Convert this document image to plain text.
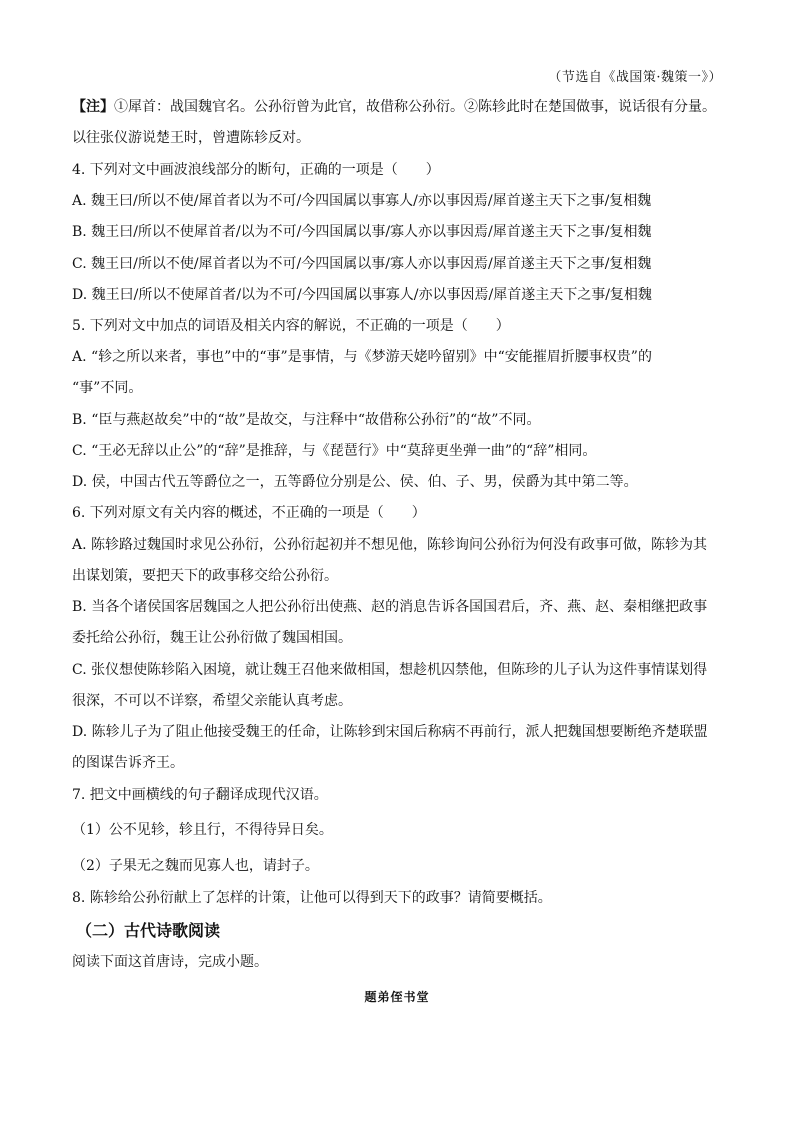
（节选自《战国策·魏策一》）
【注】①犀首：战国魏官名。公孙衍曾为此官，故借称公孙衍。②陈轸此时在楚国做事，说话很有分量。
以往张仪游说楚王时，曾遭陈轸反对。
4. 下列对文中画波浪线部分的断句，正确的一项是（　　）
A. 魏王曰/所以不使/犀首者以为不可/今四国属以事寡人/亦以事因焉/犀首遂主天下之事/复相魏
B. 魏王曰/所以不使犀首者/以为不可/今四国属以事/寡人亦以事因焉/犀首遂主天下之事/复相魏
C. 魏王曰/所以不使/犀首者以为不可/今四国属以事/寡人亦以事因焉/犀首遂主天下之事/复相魏
D. 魏王曰/所以不使犀首者/以为不可/今四国属以事寡人/亦以事因焉/犀首遂主天下之事/复相魏
5. 下列对文中加点的词语及相关内容的解说，不正确的一项是（　　）
A. “轸之所以来者，事也”中的“事”是事情，与《梦游天姥吟留别》中“安能摧眉折腰事权贵”的
“事”不同。
B. “臣与燕赵故矣”中的“故”是故交，与注释中“故借称公孙衍”的“故”不同。
C. “王必无辞以止公”的“辞”是推辞，与《琵琶行》中“莫辞更坐弹一曲”的“辞”相同。
D. 侯，中国古代五等爵位之一，五等爵位分别是公、侯、伯、子、男，侯爵为其中第二等。
6. 下列对原文有关内容的概述，不正确的一项是（　　）
A. 陈轸路过魏国时求见公孙衍，公孙衍起初并不想见他，陈轸询问公孙衍为何没有政事可做，陈轸为其
出谋划策，要把天下的政事移交给公孙衍。
B. 当各个诸侯国客居魏国之人把公孙衍出使燕、赵的消息告诉各国国君后，齐、燕、赵、秦相继把政事
委托给公孙衍，魏王让公孙衍做了魏国相国。
C. 张仪想使陈轸陷入困境，就让魏王召他来做相国，想趁机囚禁他，但陈珍的儿子认为这件事情谋划得
很深，不可以不详察，希望父亲能认真考虑。
D. 陈轸儿子为了阻止他接受魏王的任命，让陈轸到宋国后称病不再前行，派人把魏国想要断绝齐楚联盟
的图谋告诉齐王。
7. 把文中画横线的句子翻译成现代汉语。
（1）公不见轸，轸且行，不得待异日矣。
（2）子果无之魏而见寡人也，请封子。
8. 陈轸给公孙衍献上了怎样的计策，让他可以得到天下的政事？请简要概括。
（二）古代诗歌阅读
阅读下面这首唐诗，完成小题。
题弟侄书堂
